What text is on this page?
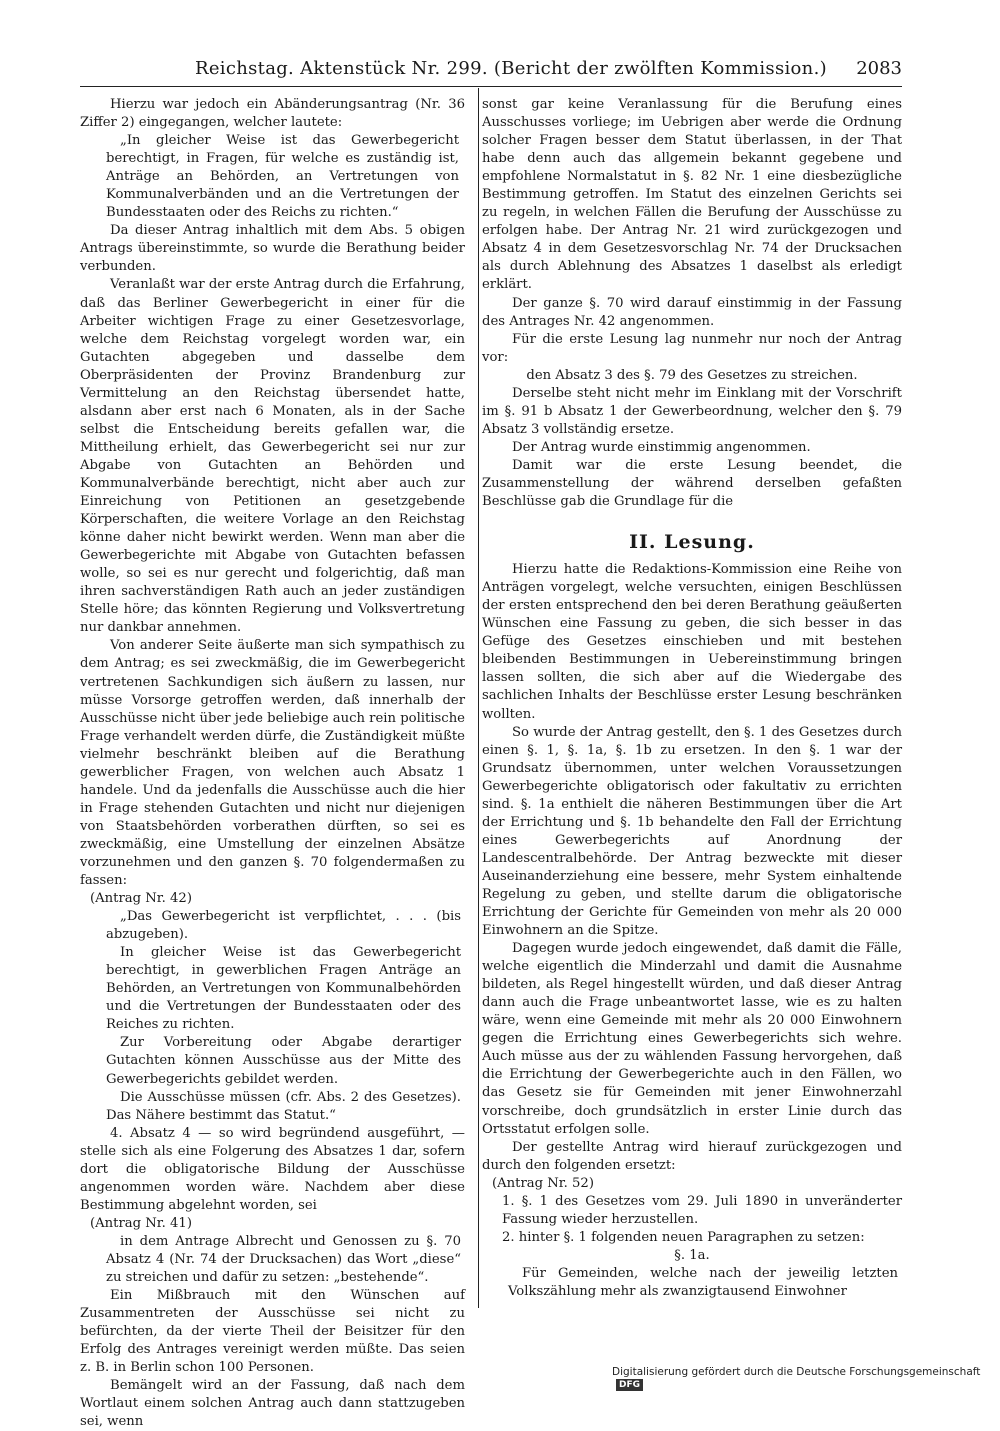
Reichstag. Aktenstück Nr. 299. (Bericht der zwölften Kommission.) 2083

Hierzu war jedoch ein Abänderungsantrag (Nr. 36 Ziffer 2) eingegangen, welcher lautete:

„In gleicher Weise ist das Gewerbegericht berechtigt, in Fragen, für welche es zuständig ist, Anträge an Behörden, an Vertretungen von Kommunalverbänden und an die Vertretungen der Bundesstaaten oder des Reichs zu richten.“

Da dieser Antrag inhaltlich mit dem Abs. 5 obigen Antrags übereinstimmte, so wurde die Berathung beider verbunden.

Veranlaßt war der erste Antrag durch die Erfahrung, daß das Berliner Gewerbegericht in einer für die Arbeiter wichtigen Frage zu einer Gesetzesvorlage, welche dem Reichstag vorgelegt worden war, ein Gutachten abgegeben und dasselbe dem Oberpräsidenten der Provinz Brandenburg zur Vermittelung an den Reichstag übersendet hatte, alsdann aber erst nach 6 Monaten, als in der Sache selbst die Entscheidung bereits gefallen war, die Mittheilung erhielt, das Gewerbegericht sei nur zur Abgabe von Gutachten an Behörden und Kommunalverbände berechtigt, nicht aber auch zur Einreichung von Petitionen an gesetzgebende Körperschaften, die weitere Vorlage an den Reichstag könne daher nicht bewirkt werden. Wenn man aber die Gewerbegerichte mit Abgabe von Gutachten befassen wolle, so sei es nur gerecht und folgerichtig, daß man ihren sachverständigen Rath auch an jeder zuständigen Stelle höre; das könnten Regierung und Volksvertretung nur dankbar annehmen.

Von anderer Seite äußerte man sich sympathisch zu dem Antrag; es sei zweckmäßig, die im Gewerbegericht vertretenen Sachkundigen sich äußern zu lassen, nur müsse Vorsorge getroffen werden, daß innerhalb der Ausschüsse nicht über jede beliebige auch rein politische Frage verhandelt werden dürfe, die Zuständigkeit müßte vielmehr beschränkt bleiben auf die Berathung gewerblicher Fragen, von welchen auch Absatz 1 handele. Und da jedenfalls die Ausschüsse auch die hier in Frage stehenden Gutachten und nicht nur diejenigen von Staatsbehörden vorberathen dürften, so sei es zweckmäßig, eine Umstellung der einzelnen Absätze vorzunehmen und den ganzen §. 70 folgendermaßen zu fassen:

(Antrag Nr. 42)

„Das Gewerbegericht ist verpflichtet, . . . (bis abzugeben).

In gleicher Weise ist das Gewerbegericht berechtigt, in gewerblichen Fragen Anträge an Behörden, an Vertretungen von Kommunalbehörden und die Vertretungen der Bundesstaaten oder des Reiches zu richten.

Zur Vorbereitung oder Abgabe derartiger Gutachten können Ausschüsse aus der Mitte des Gewerbegerichts gebildet werden.

Die Ausschüsse müssen (cfr. Abs. 2 des Gesetzes). Das Nähere bestimmt das Statut.“

4. Absatz 4 — so wird begründend ausgeführt, — stelle sich als eine Folgerung des Absatzes 1 dar, sofern dort die obligatorische Bildung der Ausschüsse angenommen worden wäre. Nachdem aber diese Bestimmung abgelehnt worden, sei

(Antrag Nr. 41)

in dem Antrage Albrecht und Genossen zu §. 70 Absatz 4 (Nr. 74 der Drucksachen) das Wort „diese“ zu streichen und dafür zu setzen: „bestehende“.

Ein Mißbrauch mit den Wünschen auf Zusammentreten der Ausschüsse sei nicht zu befürchten, da der vierte Theil der Beisitzer für den Erfolg des Antrages vereinigt werden müßte. Das seien z. B. in Berlin schon 100 Personen.

Bemängelt wird an der Fassung, daß nach dem Wortlaut einem solchen Antrag auch dann stattzugeben sei, wenn

sonst gar keine Veranlassung für die Berufung eines Ausschusses vorliege; im Uebrigen aber werde die Ordnung solcher Fragen besser dem Statut überlassen, in der That habe denn auch das allgemein bekannt gegebene und empfohlene Normalstatut in §. 82 Nr. 1 eine diesbezügliche Bestimmung getroffen. Im Statut des einzelnen Gerichts sei zu regeln, in welchen Fällen die Berufung der Ausschüsse zu erfolgen habe. Der Antrag Nr. 21 wird zurückgezogen und Absatz 4 in dem Gesetzesvorschlag Nr. 74 der Drucksachen als durch Ablehnung des Absatzes 1 daselbst als erledigt erklärt.

Der ganze §. 70 wird darauf einstimmig in der Fassung des Antrages Nr. 42 angenommen.

Für die erste Lesung lag nunmehr nur noch der Antrag vor:

den Absatz 3 des §. 79 des Gesetzes zu streichen.

Derselbe steht nicht mehr im Einklang mit der Vorschrift im §. 91 b Absatz 1 der Gewerbeordnung, welcher den §. 79 Absatz 3 vollständig ersetze.

Der Antrag wurde einstimmig angenommen.

Damit war die erste Lesung beendet, die Zusammenstellung der während derselben gefaßten Beschlüsse gab die Grundlage für die

II. Lesung.

Hierzu hatte die Redaktions-Kommission eine Reihe von Anträgen vorgelegt, welche versuchten, einigen Beschlüssen der ersten entsprechend den bei deren Berathung geäußerten Wünschen eine Fassung zu geben, die sich besser in das Gefüge des Gesetzes einschieben und mit bestehen bleibenden Bestimmungen in Uebereinstimmung bringen lassen sollten, die sich aber auf die Wiedergabe des sachlichen Inhalts der Beschlüsse erster Lesung beschränken wollten.

So wurde der Antrag gestellt, den §. 1 des Gesetzes durch einen §. 1, §. 1a, §. 1b zu ersetzen. In den §. 1 war der Grundsatz übernommen, unter welchen Voraussetzungen Gewerbegerichte obligatorisch oder fakultativ zu errichten sind. §. 1a enthielt die näheren Bestimmungen über die Art der Errichtung und §. 1b behandelte den Fall der Errichtung eines Gewerbegerichts auf Anordnung der Landescentralbehörde. Der Antrag bezweckte mit dieser Auseinanderziehung eine bessere, mehr System einhaltende Regelung zu geben, und stellte darum die obligatorische Errichtung der Gerichte für Gemeinden von mehr als 20 000 Einwohnern an die Spitze.

Dagegen wurde jedoch eingewendet, daß damit die Fälle, welche eigentlich die Minderzahl und damit die Ausnahme bildeten, als Regel hingestellt würden, und daß dieser Antrag dann auch die Frage unbeantwortet lasse, wie es zu halten wäre, wenn eine Gemeinde mit mehr als 20 000 Einwohnern gegen die Errichtung eines Gewerbegerichts sich wehre. Auch müsse aus der zu wählenden Fassung hervorgehen, daß die Errichtung der Gewerbegerichte auch in den Fällen, wo das Gesetz sie für Gemeinden mit jener Einwohnerzahl vorschreibe, doch grundsätzlich in erster Linie durch das Ortsstatut erfolgen solle.

Der gestellte Antrag wird hierauf zurückgezogen und durch den folgenden ersetzt:

(Antrag Nr. 52)

1. §. 1 des Gesetzes vom 29. Juli 1890 in unveränderter Fassung wieder herzustellen.

2. hinter §. 1 folgenden neuen Paragraphen zu setzen:

§. 1a.

Für Gemeinden, welche nach der jeweilig letzten Volkszählung mehr als zwanzigtausend Einwohner

Digitalisierung gefördert durch die Deutsche Forschungsgemeinschaft DFG
